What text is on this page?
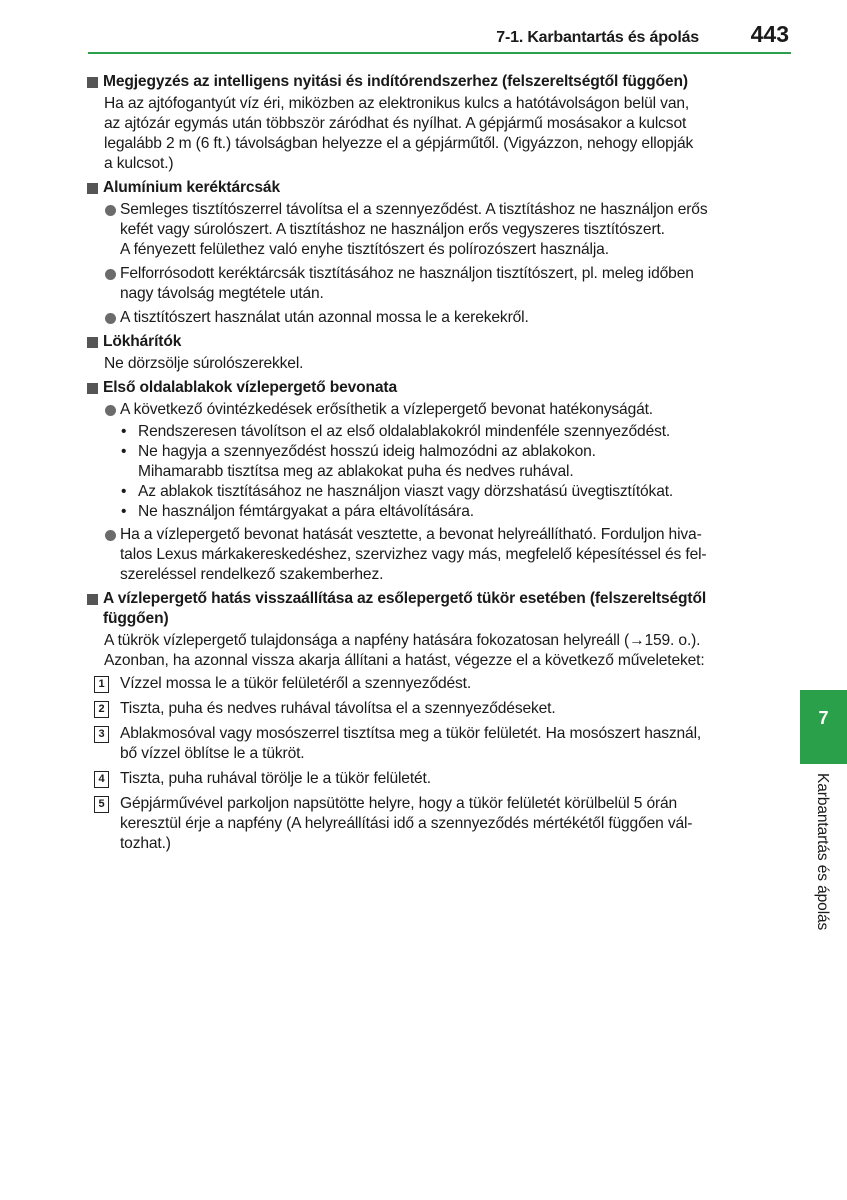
7-1. Karbantartás és ápolás 443
Megjegyzés az intelligens nyitási és indítórendszerhez (felszereltségtől függően)
Ha az ajtófogantyút víz éri, miközben az elektronikus kulcs a hatótávolságon belül van,
az ajtózár egymás után többször záródhat és nyílhat. A gépjármű mosásakor a kulcsot
legalább 2 m (6 ft.) távolságban helyezze el a gépjárműtől. (Vigyázzon, nehogy ellopják
a kulcsot.)
Alumínium keréktárcsák
Semleges tisztítószerrel távolítsa el a szennyeződést. A tisztításhoz ne használjon erős
kefét vagy súrolószert. A tisztításhoz ne használjon erős vegyszeres tisztítószert.
A fényezett felülethez való enyhe tisztítószert és polírozószert használja.
Felforrósodott keréktárcsák tisztításához ne használjon tisztítószert, pl. meleg időben
nagy távolság megtétele után.
A tisztítószert használat után azonnal mossa le a kerekekről.
Lökhárítók
Ne dörzsölje súrolószerekkel.
Első oldalablakok vízlepergető bevonata
A következő óvintézkedések erősíthetik a vízlepergető bevonat hatékonyságát.
• Rendszeresen távolítson el az első oldalablakokról mindenféle szennyeződést.
• Ne hagyja a szennyeződést hosszú ideig halmozódni az ablakokon.
Mihamarabb tisztítsa meg az ablakokat puha és nedves ruhával.
• Az ablakok tisztításához ne használjon viaszt vagy dörzshatású üvegtisztítókat.
• Ne használjon fémtárgyakat a pára eltávolítására.
Ha a vízlepergető bevonat hatását vesztette, a bevonat helyreállítható. Forduljon hiva-
talos Lexus márkakereskedéshez, szervizhez vagy más, megfelelő képesítéssel és fel-
szereléssel rendelkező szakemberhez.
A vízlepergető hatás visszaállítása az esőlepergető tükör esetében (felszereltségtől
függően)
A tükrök vízlepergető tulajdonsága a napfény hatására fokozatosan helyreáll (→159. o.).
Azonban, ha azonnal vissza akarja állítani a hatást, végezze el a következő műveleteket:
1 Vízzel mossa le a tükör felületéről a szennyeződést.
2 Tiszta, puha és nedves ruhával távolítsa el a szennyeződéseket.
3 Ablakmosóval vagy mosószerrel tisztítsa meg a tükör felületét. Ha mosószert használ,
bő vízzel öblítse le a tükröt.
4 Tiszta, puha ruhával törölje le a tükör felületét.
5 Gépjárművével parkoljon napsütötte helyre, hogy a tükör felületét körülbelül 5 órán
keresztül érje a napfény (A helyreállítási idő a szennyeződés mértékétől függően vál-
tozhat.)
7
Karbantartás és ápolás
